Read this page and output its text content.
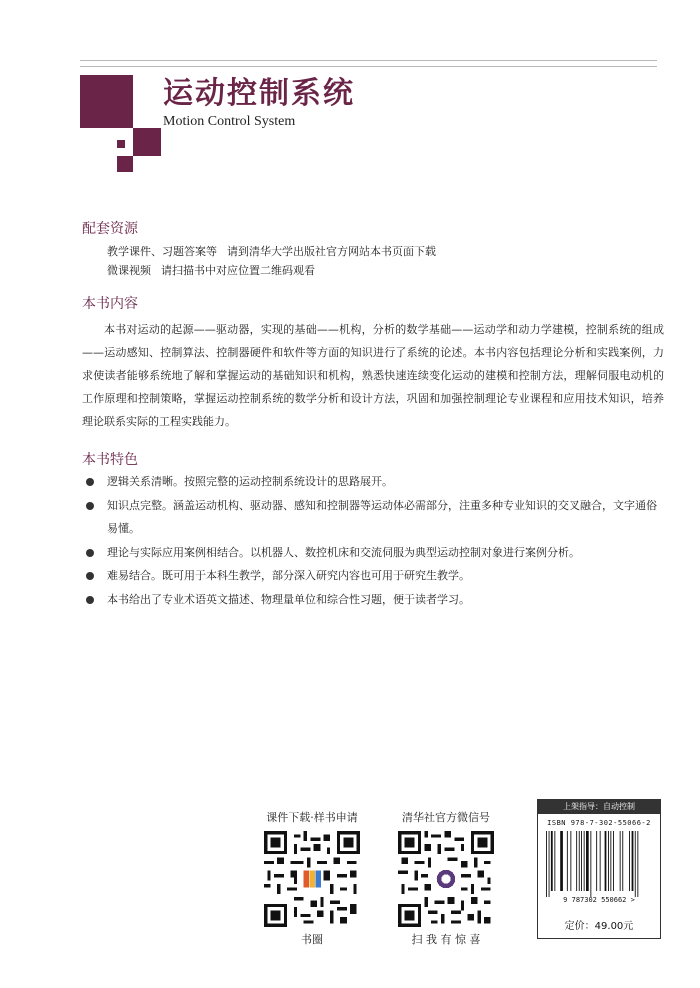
运动控制系统
Motion Control System
配套资源
教学课件、习题答案等 请到清华大学出版社官方网站本书页面下载
微课视频 请扫描书中对应位置二维码观看
本书内容
本书对运动的起源——驱动器，实现的基础——机构，分析的数学基础——运动学和动力学建模，控制系统的组成——运动感知、控制算法、控制器硬件和软件等方面的知识进行了系统的论述。本书内容包括理论分析和实践案例，力求使读者能够系统地了解和掌握运动的基础知识和机构，熟悉快速连续变化运动的建模和控制方法，理解伺服电动机的工作原理和控制策略，掌握运动控制系统的数学分析和设计方法，巩固和加强控制理论专业课程和应用技术知识，培养理论联系实际的工程实践能力。
本书特色
逻辑关系清晰。按照完整的运动控制系统设计的思路展开。
知识点完整。涵盖运动机构、驱动器、感知和控制器等运动体必需部分，注重多种专业知识的交叉融合，文字通俗易懂。
理论与实际应用案例相结合。以机器人、数控机床和交流伺服为典型运动控制对象进行案例分析。
难易结合。既可用于本科生教学，部分深入研究内容也可用于研究生教学。
本书给出了专业术语英文描述、物理量单位和综合性习题，便于读者学习。
课件下载·样书申请
书圈
清华社官方微信号
扫 我 有 惊 喜
上架指导：自动控制
ISBN 978-7-302-55066-2
9 787302 550662 >
定价：49.00元
